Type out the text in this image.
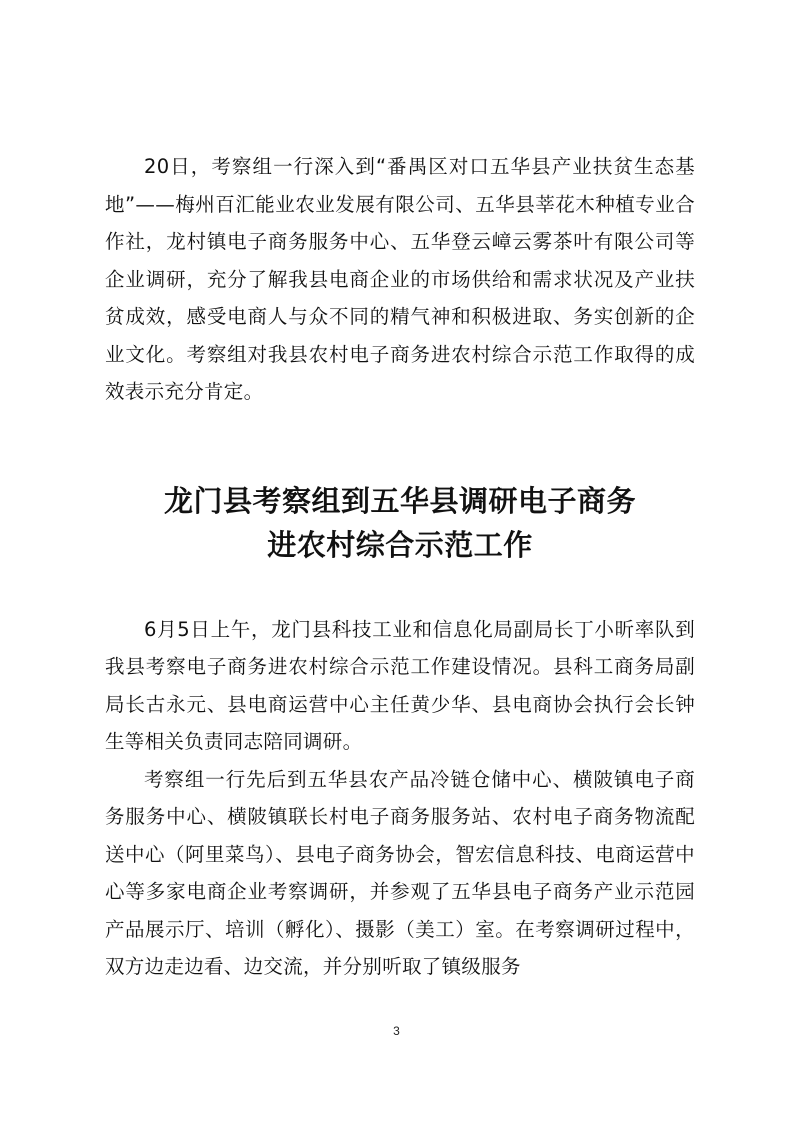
20日，考察组一行深入到“番禺区对口五华县产业扶贫生态基地”——梅州百汇能业农业发展有限公司、五华县莘花木种植专业合作社，龙村镇电子商务服务中心、五华登云嶂云雾茶叶有限公司等企业调研，充分了解我县电商企业的市场供给和需求状况及产业扶贫成效，感受电商人与众不同的精气神和积极进取、务实创新的企业文化。考察组对我县农村电子商务进农村综合示范工作取得的成效表示充分肯定。

龙门县考察组到五华县调研电子商务
进农村综合示范工作

6月5日上午，龙门县科技工业和信息化局副局长丁小昕率队到我县考察电子商务进农村综合示范工作建设情况。县科工商务局副局长古永元、县电商运营中心主任黄少华、县电商协会执行会长钟生等相关负责同志陪同调研。

考察组一行先后到五华县农产品冷链仓储中心、横陂镇电子商务服务中心、横陂镇联长村电子商务服务站、农村电子商务物流配送中心（阿里菜鸟）、县电子商务协会，智宏信息科技、电商运营中心等多家电商企业考察调研，并参观了五华县电子商务产业示范园产品展示厅、培训（孵化）、摄影（美工）室。在考察调研过程中，双方边走边看、边交流，并分别听取了镇级服务

3
